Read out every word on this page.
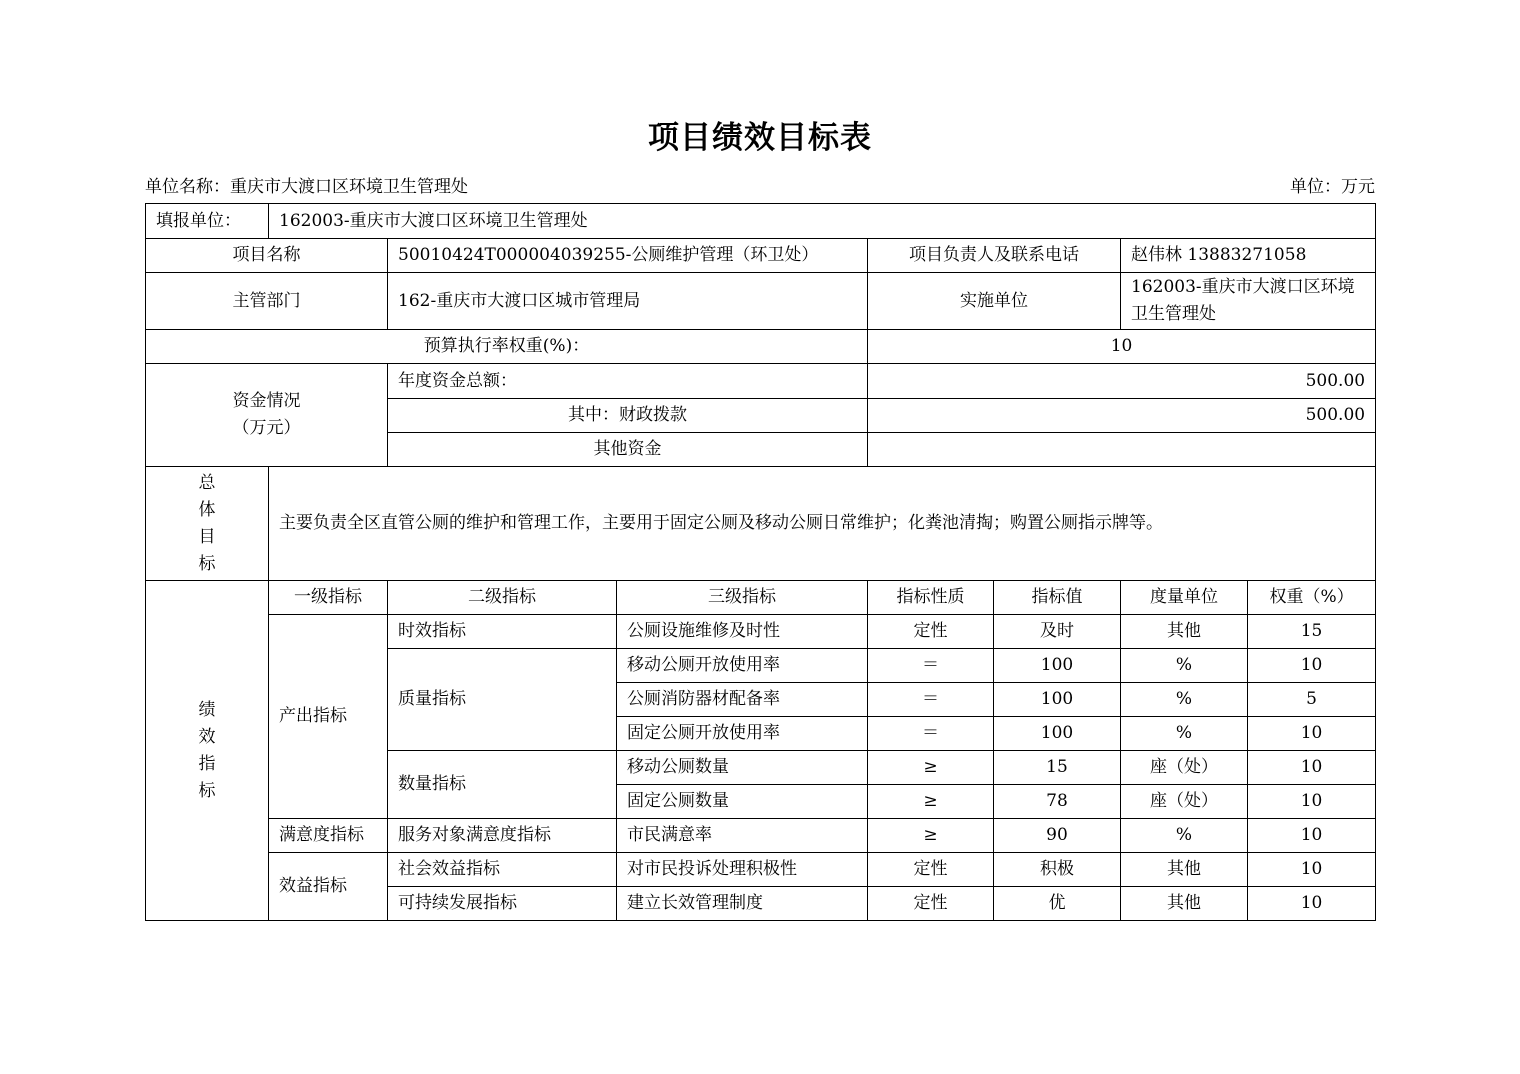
项目绩效目标表
单位名称：重庆市大渡口区环境卫生管理处	单位：万元
填报单位：	162003-重庆市大渡口区环境卫生管理处						
项目名称		50010424T000004039255-公厕维护管理（环卫处）		项目负责人及联系电话		赵伟林 13883271058	
主管部门		162-重庆市大渡口区城市管理局		实施单位		162003-重庆市大渡口区环境
卫生管理处	

预算执行率权重(%)：				10			

资金情况
（万元）		年度资金总额：		500.00			
		其中：财政拨款		500.00			
		其他资金					

总
体
目
标	主要负责全区直管公厕的维护和管理工作，主要用于固定公厕及移动公厕日常维护；化粪池清掏；购置公厕指示牌等。						

绩
效
指
标	一级指标	二级指标	三级指标	指标性质	指标值	度量单位	权重（%）
	产出指标	时效指标	公厕设施维修及时性	定性	及时	其他	15
		质量指标	移动公厕开放使用率	＝	100	%	10
			公厕消防器材配备率	＝	100	%	5
			固定公厕开放使用率	＝	100	%	10
		数量指标	移动公厕数量	≥	15	座（处）	10
			固定公厕数量	≥	78	座（处）	10
	满意度指标	服务对象满意度指标	市民满意率	≥	90	%	10
	效益指标	社会效益指标	对市民投诉处理积极性	定性	积极	其他	10
		可持续发展指标	建立长效管理制度	定性	优	其他	10
